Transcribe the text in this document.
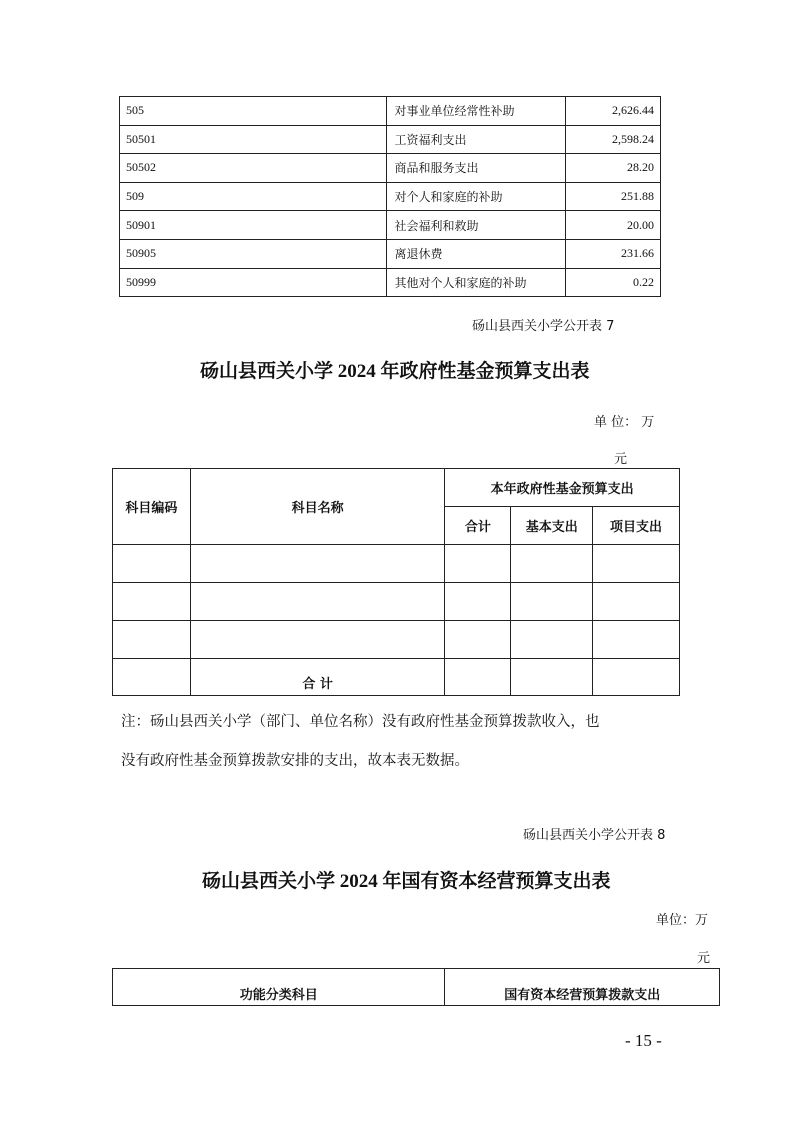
505	对事业单位经常性补助	2,626.44
50501	工资福利支出	2,598.24
50502	商品和服务支出	28.20
509	对个人和家庭的补助	251.88
50901	社会福利和救助	20.00
50905	离退休费	231.66
50999	其他对个人和家庭的补助	0.22
砀山县西关小学公开表 7
砀山县西关小学 2024 年政府性基金预算支出表
单 位： 万
元
科目编码	科目名称	本年政府性基金预算支出		
		合计	基本支出	项目支出

	合 计			
注：砀山县西关小学（部门、单位名称）没有政府性基金预算拨款收入，也
没有政府性基金预算拨款安排的支出，故本表无数据。
砀山县西关小学公开表 8
砀山县西关小学 2024 年国有资本经营预算支出表
单位：万
元
功能分类科目	国有资本经营预算拨款支出
- 15 -
